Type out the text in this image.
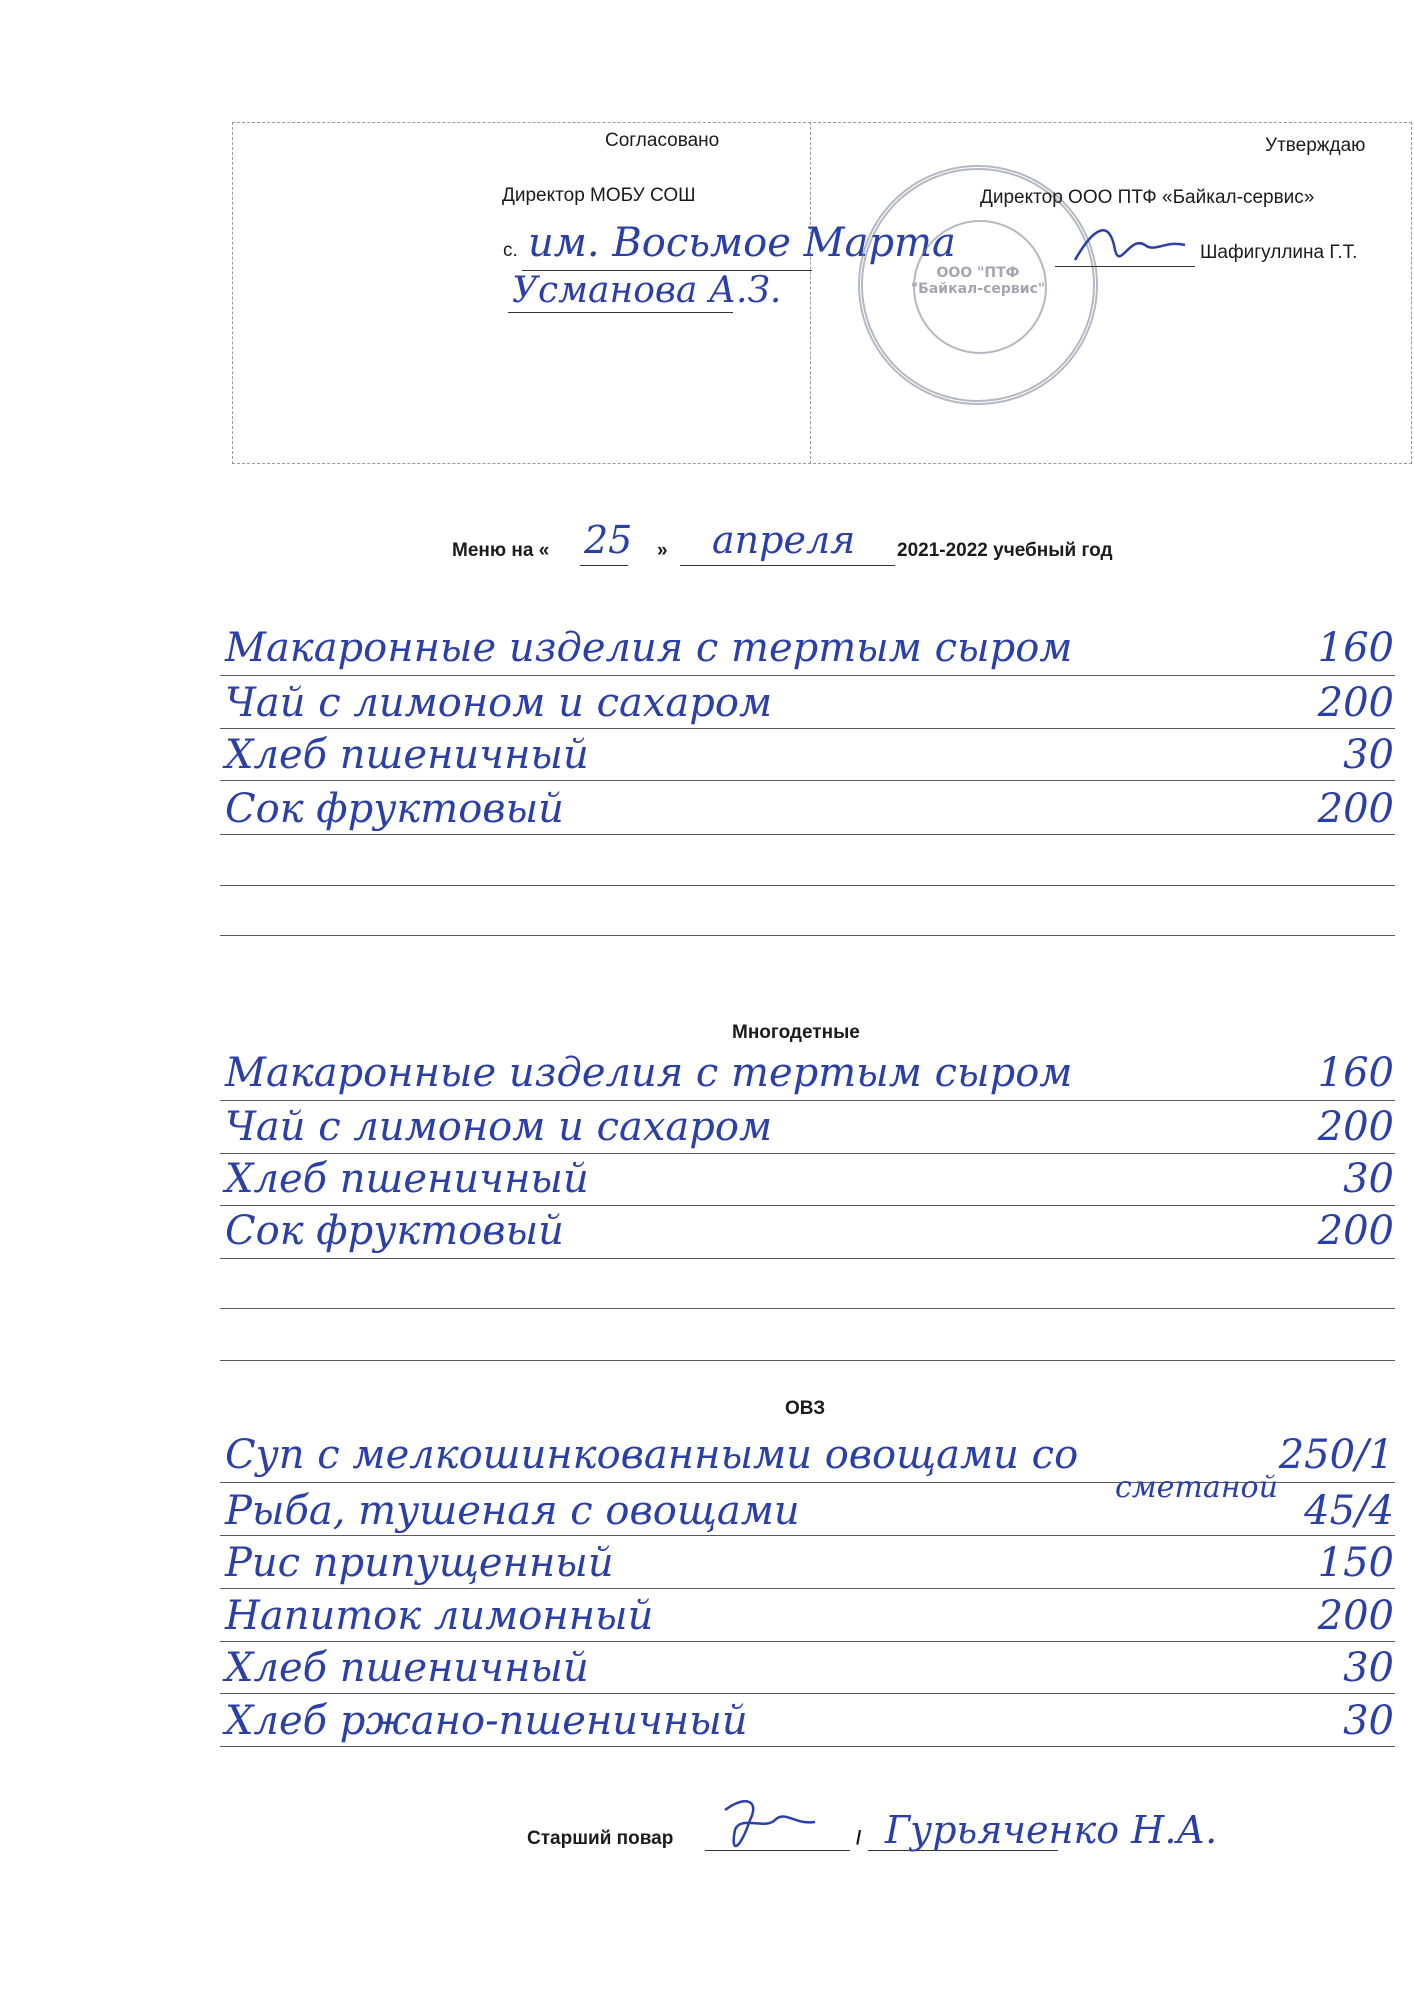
Согласовано
Директор МОБУ СОШ
с. им. Восьмое Марта
Усманова А.З.	ООО "ПТФ
"Байкал-сервис"
Утверждаю
Директор ООО ПТФ «Байкал-сервис»
Шафигуллина Г.Т.
Меню на « 25 » апреля 2021-2022 учебный год
Макаронные изделия с тертым сыром	160
Чай с лимоном и сахаром	200
Хлеб пшеничный	30
Сок фруктовый	200
Многодетные
Макаронные изделия с тертым сыром	160
Чай с лимоном и сахаром	200
Хлеб пшеничный	30
Сок фруктовый	200
ОВЗ
Суп с мелкошинкованными овощами со	250/1
сметаной
Рыба, тушеная с овощами	45/4
Рис припущенный	150
Напиток лимонный	200
Хлеб пшеничный	30
Хлеб ржано-пшеничный	30
Старший повар	/ Гурьяченко Н.А.
